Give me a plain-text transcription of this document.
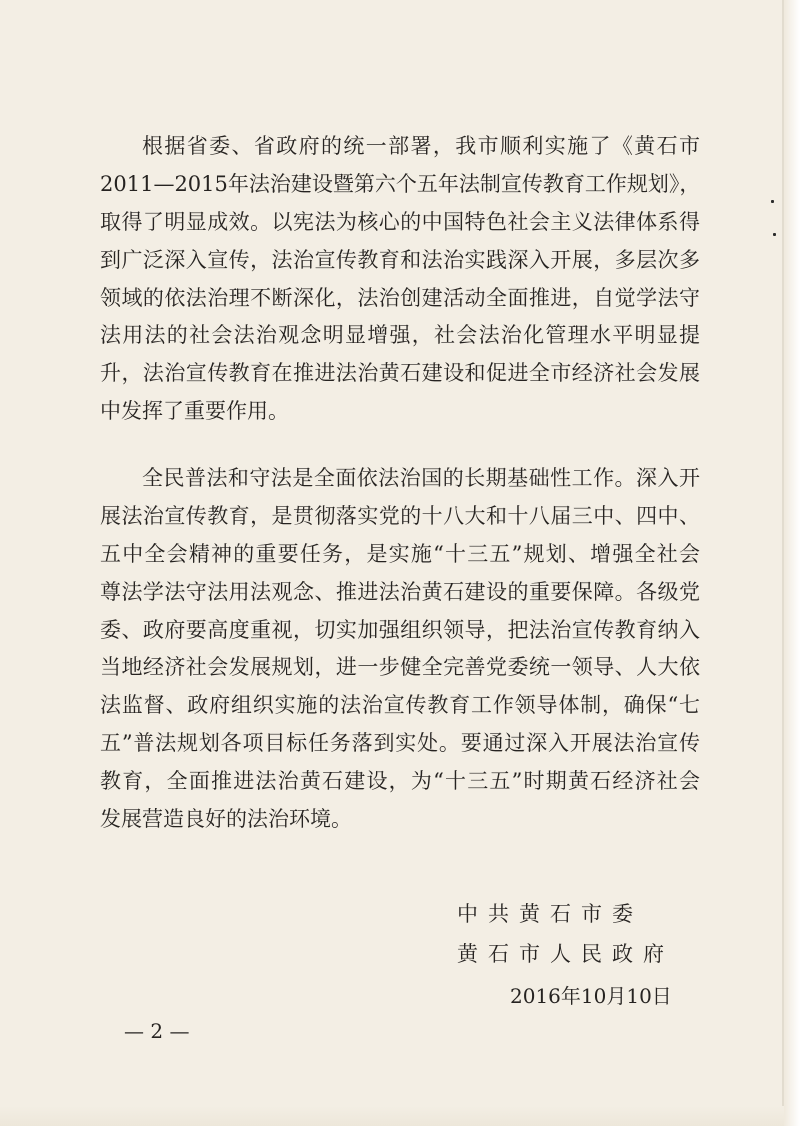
根据省委、省政府的统一部署，我市顺利实施了《黄石市
2011—2015年法治建设暨第六个五年法制宣传教育工作规划》，
取得了明显成效。以宪法为核心的中国特色社会主义法律体系得
到广泛深入宣传，法治宣传教育和法治实践深入开展，多层次多
领域的依法治理不断深化，法治创建活动全面推进，自觉学法守
法用法的社会法治观念明显增强，社会法治化管理水平明显提
升，法治宣传教育在推进法治黄石建设和促进全市经济社会发展
中发挥了重要作用。
全民普法和守法是全面依法治国的长期基础性工作。深入开
展法治宣传教育，是贯彻落实党的十八大和十八届三中、四中、
五中全会精神的重要任务，是实施“十三五”规划、增强全社会
尊法学法守法用法观念、推进法治黄石建设的重要保障。各级党
委、政府要高度重视，切实加强组织领导，把法治宣传教育纳入
当地经济社会发展规划，进一步健全完善党委统一领导、人大依
法监督、政府组织实施的法治宣传教育工作领导体制，确保“七
五”普法规划各项目标任务落到实处。要通过深入开展法治宣传
教育，全面推进法治黄石建设，为“十三五”时期黄石经济社会
发展营造良好的法治环境。
中共黄石市委
黄石市人民政府
2016年10月10日
— 2 —
